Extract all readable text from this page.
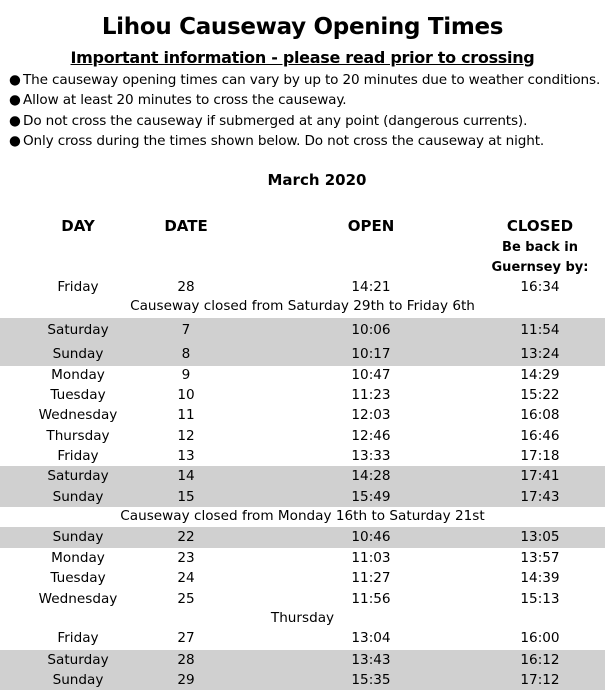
Lihou Causeway Opening Times
Important information - please read prior to crossing
● The causeway opening times can vary by up to 20 minutes due to weather conditions.
● Allow at least 20 minutes to cross the causeway.
● Do not cross the causeway if submerged at any point (dangerous currents).
● Only cross during the times shown below. Do not cross the causeway at night.
March 2020
DAY	DATE	OPEN	CLOSED
Be back in
Guernsey by:
Friday	28	14:21	16:34
Saturday	7	10:06	11:54
Sunday	8	10:17	13:24
Monday	9	10:47	14:29
Tuesday	10	11:23	15:22
Wednesday	11	12:03	16:08
Thursday	12	12:46	16:46
Friday	13	13:33	17:18
Saturday	14	14:28	17:41
Sunday	15	15:49	17:43
Sunday	22	10:46	13:05
Monday	23	11:03	13:57
Tuesday	24	11:27	14:39
Wednesday	25	11:56	15:13
Friday	27	13:04	16:00
Saturday	28	13:43	16:12
Sunday	29	15:35	17:12
Causeway closed from Saturday 29th to Friday 6th
Causeway closed from Monday 16th to Saturday 21st
Thursday
